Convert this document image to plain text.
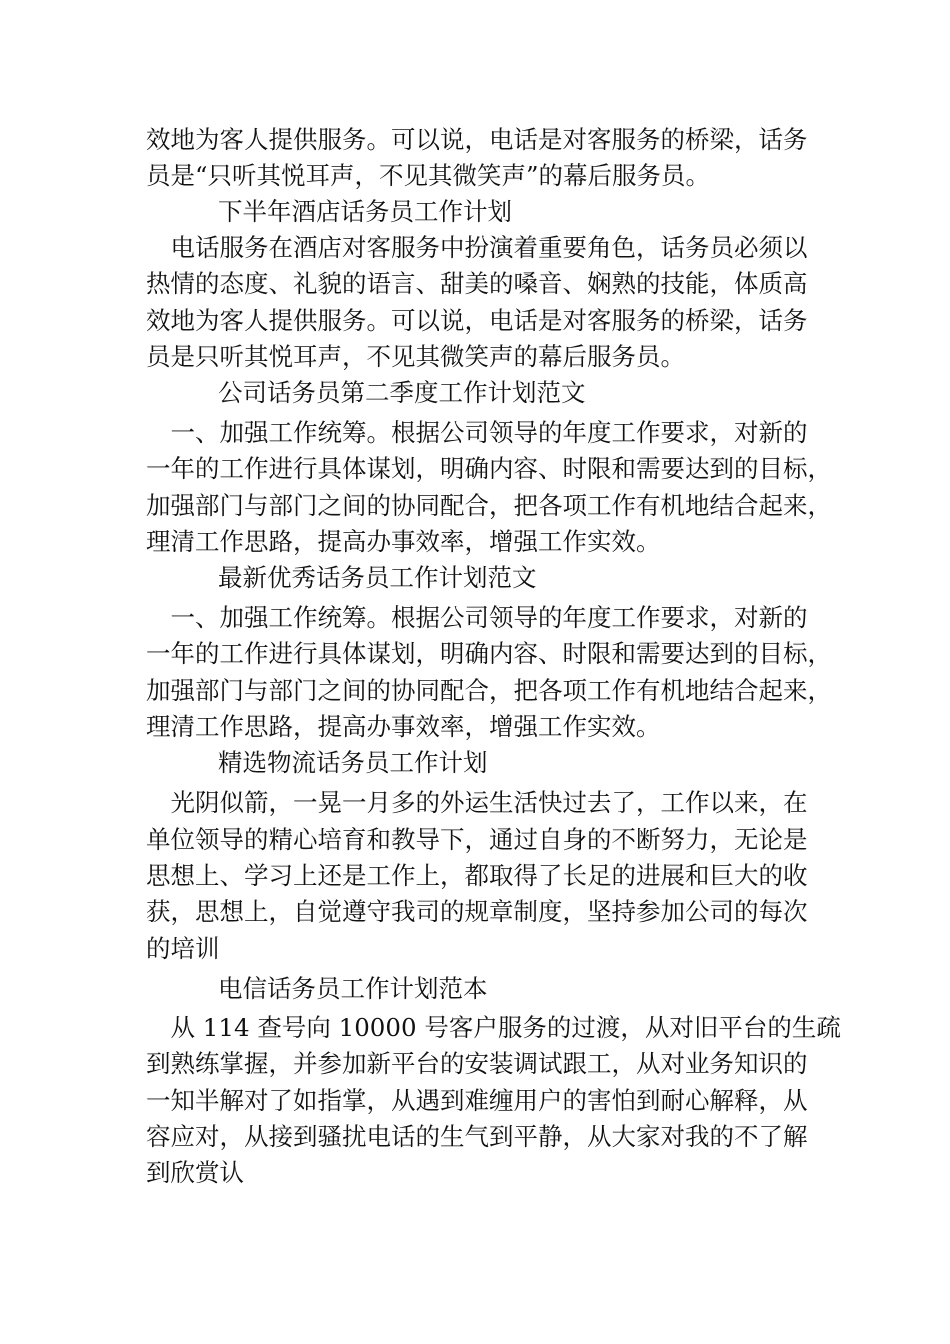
效地为客人提供服务。可以说，电话是对客服务的桥梁，话务
员是“只听其悦耳声，不见其微笑声”的幕后服务员。
下半年酒店话务员工作计划
　电话服务在酒店对客服务中扮演着重要角色，话务员必须以
热情的态度、礼貌的语言、甜美的嗓音、娴熟的技能，体质高
效地为客人提供服务。可以说，电话是对客服务的桥梁，话务
员是只听其悦耳声，不见其微笑声的幕后服务员。
公司话务员第二季度工作计划范文
　一、加强工作统筹。根据公司领导的年度工作要求，对新的
一年的工作进行具体谋划，明确内容、时限和需要达到的目标，
加强部门与部门之间的协同配合，把各项工作有机地结合起来，
理清工作思路，提高办事效率，增强工作实效。
最新优秀话务员工作计划范文
　一、加强工作统筹。根据公司领导的年度工作要求，对新的
一年的工作进行具体谋划，明确内容、时限和需要达到的目标，
加强部门与部门之间的协同配合，把各项工作有机地结合起来，
理清工作思路，提高办事效率，增强工作实效。
精选物流话务员工作计划
　光阴似箭，一晃一月多的外运生活快过去了，工作以来，在
单位领导的精心培育和教导下，通过自身的不断努力，无论是
思想上、学习上还是工作上，都取得了长足的进展和巨大的收
获，思想上，自觉遵守我司的规章制度，坚持参加公司的每次
的培训
电信话务员工作计划范本
　从 114 查号向 10000 号客户服务的过渡，从对旧平台的生疏
到熟练掌握，并参加新平台的安装调试跟工，从对业务知识的
一知半解对了如指掌，从遇到难缠用户的害怕到耐心解释，从
容应对，从接到骚扰电话的生气到平静，从大家对我的不了解
到欣赏认
